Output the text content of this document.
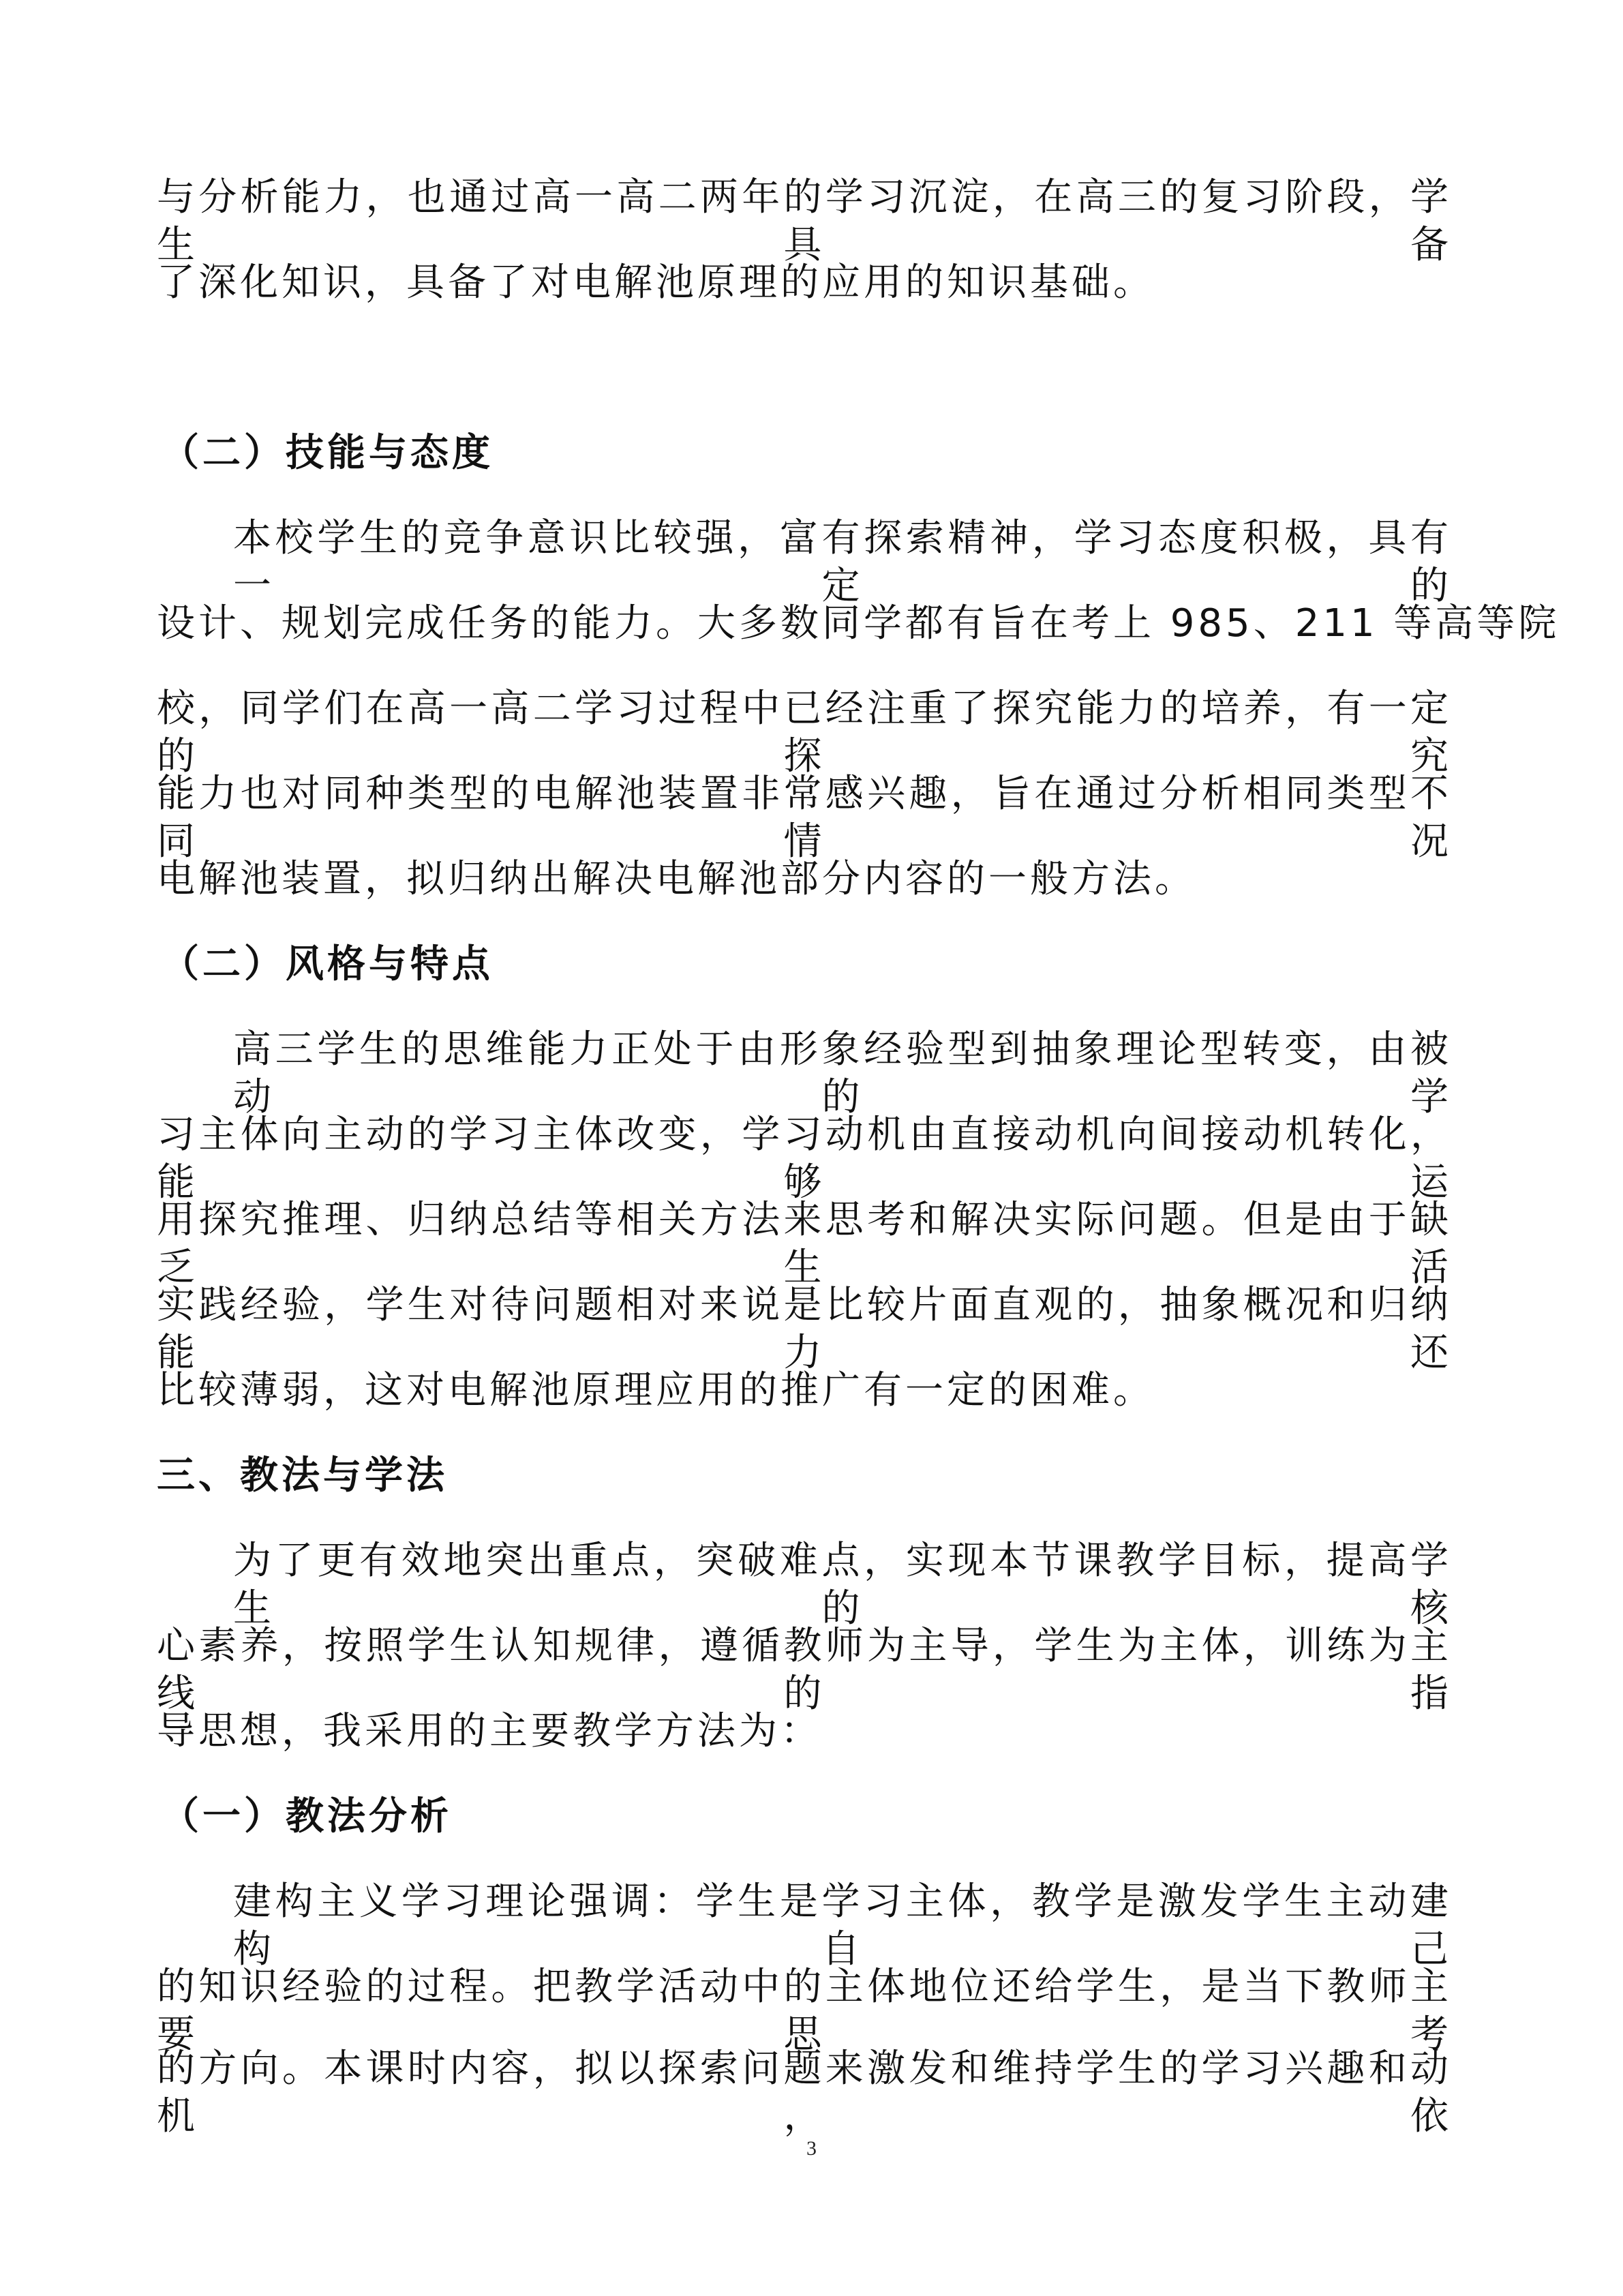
与分析能力，也通过高一高二两年的学习沉淀，在高三的复习阶段，学生具备
了深化知识，具备了对电解池原理的应用的知识基础。
（二）技能与态度
本校学生的竞争意识比较强，富有探索精神，学习态度积极，具有一定的
设计、规划完成任务的能力。大多数同学都有旨在考上 985、211 等高等院
校，同学们在高一高二学习过程中已经注重了探究能力的培养，有一定的探究
能力也对同种类型的电解池装置非常感兴趣，旨在通过分析相同类型不同情况
电解池装置，拟归纳出解决电解池部分内容的一般方法。
（二）风格与特点
高三学生的思维能力正处于由形象经验型到抽象理论型转变，由被动的学
习主体向主动的学习主体改变，学习动机由直接动机向间接动机转化，能够运
用探究推理、归纳总结等相关方法来思考和解决实际问题。但是由于缺乏生活
实践经验，学生对待问题相对来说是比较片面直观的，抽象概况和归纳能力还
比较薄弱，这对电解池原理应用的推广有一定的困难。
三、教法与学法
为了更有效地突出重点，突破难点，实现本节课教学目标，提高学生的核
心素养，按照学生认知规律，遵循教师为主导，学生为主体，训练为主线的指
导思想，我采用的主要教学方法为：
（一）教法分析
建构主义学习理论强调：学生是学习主体，教学是激发学生主动建构自己
的知识经验的过程。把教学活动中的主体地位还给学生，是当下教师主要思考
的方向。本课时内容，拟以探索问题来激发和维持学生的学习兴趣和动机，依
3
